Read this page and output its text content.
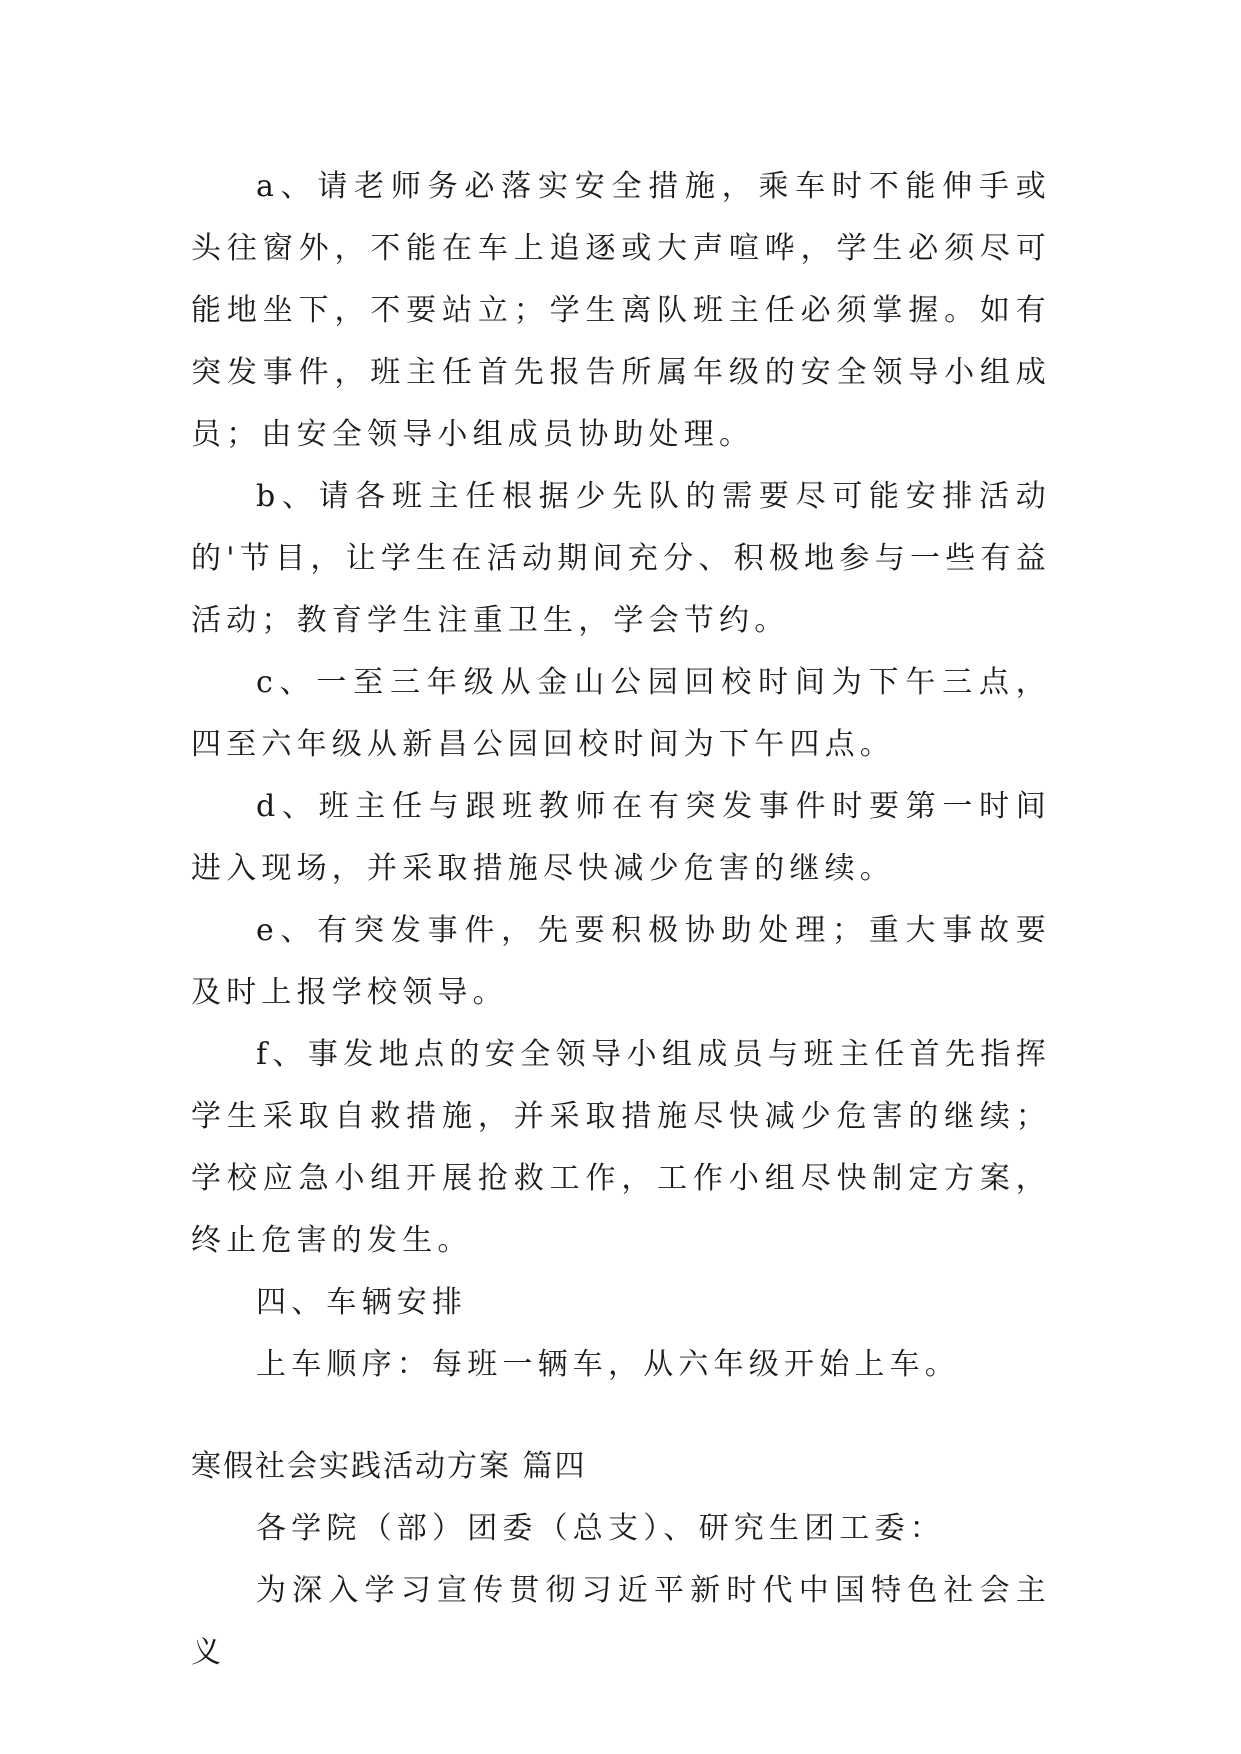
a、请老师务必落实安全措施，乘车时不能伸手或头往窗外，不能在车上追逐或大声喧哗，学生必须尽可能地坐下，不要站立；学生离队班主任必须掌握。如有突发事件，班主任首先报告所属年级的安全领导小组成员；由安全领导小组成员协助处理。

b、请各班主任根据少先队的需要尽可能安排活动的'节目，让学生在活动期间充分、积极地参与一些有益活动；教育学生注重卫生，学会节约。

c、一至三年级从金山公园回校时间为下午三点，四至六年级从新昌公园回校时间为下午四点。

d、班主任与跟班教师在有突发事件时要第一时间进入现场，并采取措施尽快减少危害的继续。

e、有突发事件，先要积极协助处理；重大事故要及时上报学校领导。

f、事发地点的安全领导小组成员与班主任首先指挥学生采取自救措施，并采取措施尽快减少危害的继续；学校应急小组开展抢救工作，工作小组尽快制定方案，终止危害的发生。

四、车辆安排

上车顺序：每班一辆车，从六年级开始上车。

寒假社会实践活动方案 篇四

各学院（部）团委（总支）、研究生团工委：

为深入学习宣传贯彻习近平新时代中国特色社会主义
